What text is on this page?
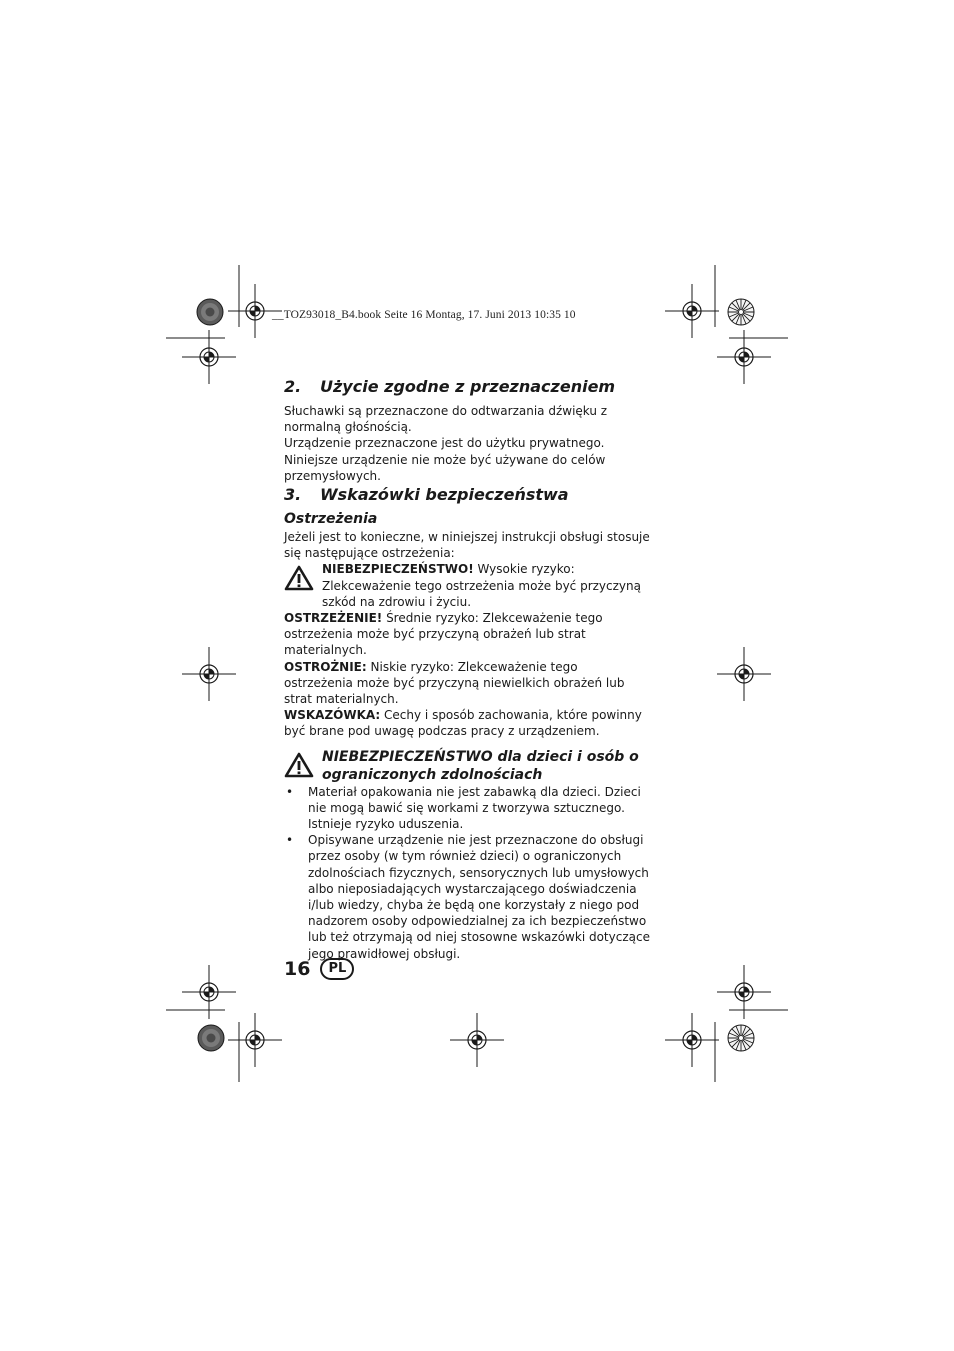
__TOZ93018_B4.book Seite 16 Montag, 17. Juni 2013 10:35 10
2.	Użycie zgodne z przeznaczeniem

Słuchawki są przeznaczone do odtwarzania dźwięku z normalną głośnością.

Urządzenie przeznaczone jest do użytku prywatnego.

Niniejsze urządzenie nie może być używane do celów przemysłowych.

3.	Wskazówki bezpieczeństwa
Ostrzeżenia

Jeżeli jest to konieczne, w niniejszej instrukcji obsługi stosuje się następujące ostrzeżenia:

NIEBEZPIECZEŃSTWO! Wysokie ryzyko: Zlekceważenie tego ostrzeżenia może być przyczyną szkód na zdrowiu i życiu.

OSTRZEŻENIE! Średnie ryzyko: Zlekceważenie tego ostrzeżenia może być przyczyną obrażeń lub strat materialnych.

OSTROŻNIE: Niskie ryzyko: Zlekceważenie tego ostrzeżenia może być przyczyną niewielkich obrażeń lub strat materialnych.

WSKAZÓWKA: Cechy i sposób zachowania, które powinny być brane pod uwagę podczas pracy z urządzeniem.

NIEBEZPIECZEŃSTWO dla dzieci i osób o
ograniczonych zdolnościach
•	Materiał opakowania nie jest zabawką dla dzieci. Dzieci nie mogą bawić się workami z tworzywa sztucznego. Istnieje ryzyko uduszenia.
•	Opisywane urządzenie nie jest przeznaczone do obsługi przez osoby (w tym również dzieci) o ograniczonych zdolnościach fizycznych, sensorycznych lub umysłowych albo nieposiadających wystarczającego doświadczenia i/lub wiedzy, chyba że będą one korzystały z niego pod nadzorem osoby odpowiedzialnej za ich bezpieczeństwo lub też otrzymają od niej stosowne wskazówki dotyczące jego prawidłowej obsługi.
16	PL
